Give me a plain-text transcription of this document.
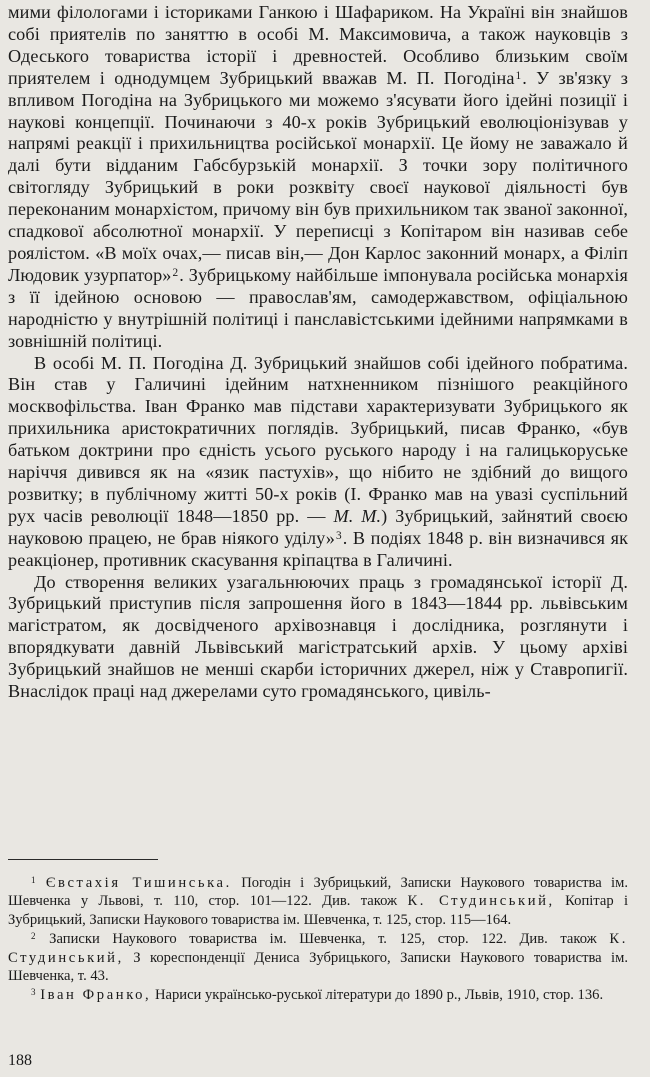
мими філологами і істориками Ганкою і Шафариком. На Україні він знайшов собі приятелів по заняттю в особі М. Максимовича, а також науковців з Одеського товариства історії і древностей. Особливо близьким своїм приятелем і однодумцем Зубрицький вважав М. П. Погодіна$^1$. У зв'язку з впливом Погодіна на Зубрицького ми можемо з'ясувати його ідейні позиції і наукові концепції. Починаючи з 40-х років Зубрицький еволюціонізував у напрямі реакції і прихильництва російської монархії. Це йому не заважало й далі бути відданим Габсбурзькій монархії. З точки зору політичного світогляду Зубрицький в роки розквіту своєї наукової діяльності був переконаним монархістом, причому він був прихильником так званої законної, спадкової абсолютної монархії. У переписці з Копітаром він називав себе роялістом. «В моїх очах,— писав він,— Дон Карлос законний монарх, а Філіп Людовик узурпатор»$^2$. Зубрицькому найбільше імпонувала російська монархія з її ідейною основою — православ'ям, самодержавством, офіціальною народністю у внутрішній політиці і панславістськими ідейними напрямками в зовнішній політиці.

В особі М. П. Погодіна Д. Зубрицький знайшов собі ідейного побратима. Він став у Галичині ідейним натхненником пізнішого реакційного москвофільства. Іван Франко мав підстави характеризувати Зубрицького як прихильника аристократичних поглядів. Зубрицький, писав Франко, «був батьком доктрини про єдність усього руського народу і на галицькоруське наріччя дивився як на «язик пастухів», що нібито не здібний до вищого розвитку; в публічному житті 50-х років (І. Франко мав на увазі суспільний рух часів революції 1848—1850 рр. — М. М.) Зубрицький, зайнятий своєю науковою працею, не брав ніякого уділу»$^3$. В подіях 1848 р. він визначився як реакціонер, противник скасування кріпацтва в Галичині.

До створення великих узагальнюючих праць з громадянської історії Д. Зубрицький приступив після запрошення його в 1843—1844 рр. львівським магістратом, як досвідченого архівознавця і дослідника, розглянути і впорядкувати давній Львівський магістратський архів. У цьому архіві Зубрицький знайшов не менші скарби історичних джерел, ніж у Ставропигії. Внаслідок праці над джерелами суто громадянського, цивіль-

$^1$ Євстахія Тишинська. Погодін і Зубрицький, Записки Наукового товариства ім. Шевченка у Львові, т. 110, стор. 101—122. Див. також К. Студинський, Копітар і Зубрицький, Записки Наукового товариства ім. Шевченка, т. 125, стор. 115—164.

$^2$ Записки Наукового товариства ім. Шевченка, т. 125, стор. 122. Див. також К. Студинський, З кореспонденції Дениса Зубрицького, Записки Наукового товариства ім. Шевченка, т. 43.

$^3$ Іван Франко, Нариси українсько-руської літератури до 1890 р., Львів, 1910, стор. 136.

188
